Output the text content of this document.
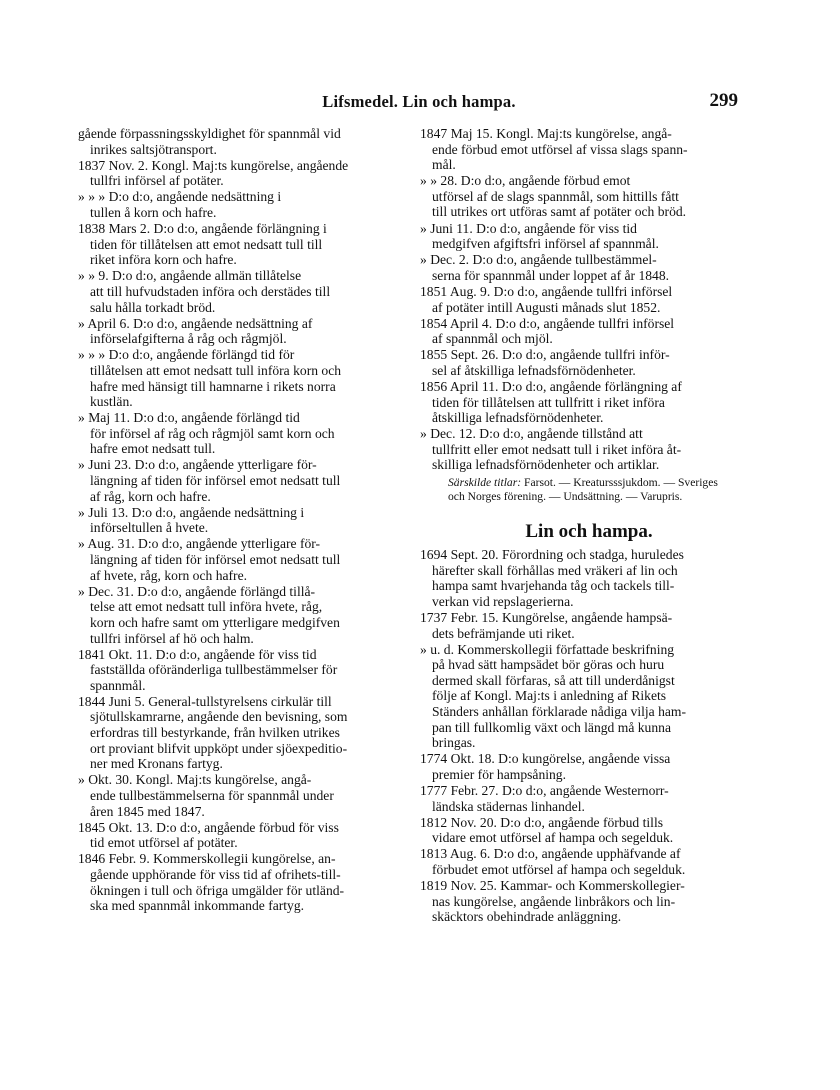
Lifsmedel. Lin och hampa.	299
gående förpassningsskyldighet för spannmål vid
inrikes saltsjötransport.
1837 Nov. 2. Kongl. Maj:ts kungörelse, angående
tullfri införsel af potäter.
» » » D:o d:o, angående nedsättning i
tullen å korn och hafre.
1838 Mars 2. D:o d:o, angående förlängning i
tiden för tillåtelsen att emot nedsatt tull till
riket införa korn och hafre.
» » 9. D:o d:o, angående allmän tillåtelse
att till hufvudstaden införa och derstädes till
salu hålla torkadt bröd.
» April 6. D:o d:o, angående nedsättning af
införselafgifterna å råg och rågmjöl.
» » » D:o d:o, angående förlängd tid för
tillåtelsen att emot nedsatt tull införa korn och
hafre med hänsigt till hamnarne i rikets norra
kustlän.
» Maj 11. D:o d:o, angående förlängd tid
för införsel af råg och rågmjöl samt korn och
hafre emot nedsatt tull.
» Juni 23. D:o d:o, angående ytterligare för-
längning af tiden för införsel emot nedsatt tull
af råg, korn och hafre.
» Juli 13. D:o d:o, angående nedsättning i
införseltullen å hvete.
» Aug. 31. D:o d:o, angående ytterligare för-
längning af tiden för införsel emot nedsatt tull
af hvete, råg, korn och hafre.
» Dec. 31. D:o d:o, angående förlängd tillå-
telse att emot nedsatt tull införa hvete, råg,
korn och hafre samt om ytterligare medgifven
tullfri införsel af hö och halm.
1841 Okt. 11. D:o d:o, angående för viss tid
fastställda oföränderliga tullbestämmelser för
spannmål.
1844 Juni 5. General-tullstyrelsens cirkulär till
sjötullskamrarne, angående den bevisning, som
erfordras till bestyrkande, från hvilken utrikes
ort proviant blifvit uppköpt under sjöexpeditio-
ner med Kronans fartyg.
» Okt. 30. Kongl. Maj:ts kungörelse, angå-
ende tullbestämmelserna för spannmål under
åren 1845 med 1847.
1845 Okt. 13. D:o d:o, angående förbud för viss
tid emot utförsel af potäter.
1846 Febr. 9. Kommerskollegii kungörelse, an-
gående upphörande för viss tid af ofrihets-till-
ökningen i tull och öfriga umgälder för utländ-
ska med spannmål inkommande fartyg.
1847 Maj 15. Kongl. Maj:ts kungörelse, angå-
ende förbud emot utförsel af vissa slags spann-
mål.
» » 28. D:o d:o, angående förbud emot
utförsel af de slags spannmål, som hittills fått
till utrikes ort utföras samt af potäter och bröd.
» Juni 11. D:o d:o, angående för viss tid
medgifven afgiftsfri införsel af spannmål.
» Dec. 2. D:o d:o, angående tullbestämmel-
serna för spannmål under loppet af år 1848.
1851 Aug. 9. D:o d:o, angående tullfri införsel
af potäter intill Augusti månads slut 1852.
1854 April 4. D:o d:o, angående tullfri införsel
af spannmål och mjöl.
1855 Sept. 26. D:o d:o, angående tullfri inför-
sel af åtskilliga lefnadsförnödenheter.
1856 April 11. D:o d:o, angående förlängning af
tiden för tillåtelsen att tullfritt i riket införa
åtskilliga lefnadsförnödenheter.
» Dec. 12. D:o d:o, angående tillstånd att
tullfritt eller emot nedsatt tull i riket införa åt-
skilliga lefnadsförnödenheter och artiklar.
Särskilde titlar: Farsot. — Kreatursssjukdom. — Sveriges
och Norges förening. — Undsättning. — Varupris.
Lin och hampa.
1694 Sept. 20. Förordning och stadga, huruledes
härefter skall förhållas med vräkeri af lin och
hampa samt hvarjehanda tåg och tackels till-
verkan vid repslagerierna.
1737 Febr. 15. Kungörelse, angående hampsä-
dets befrämjande uti riket.
» u. d. Kommerskollegii författade beskrifning
på hvad sätt hampsädet bör göras och huru
dermed skall förfaras, så att till underdånigst
följe af Kongl. Maj:ts i anledning af Rikets
Ständers anhållan förklarade nådiga vilja ham-
pan till fullkomlig växt och längd må kunna
bringas.
1774 Okt. 18. D:o kungörelse, angående vissa
premier för hampsåning.
1777 Febr. 27. D:o d:o, angående Westernorr-
ländska städernas linhandel.
1812 Nov. 20. D:o d:o, angående förbud tills
vidare emot utförsel af hampa och segelduk.
1813 Aug. 6. D:o d:o, angående upphäfvande af
förbudet emot utförsel af hampa och segelduk.
1819 Nov. 25. Kammar- och Kommerskollegier-
nas kungörelse, angående linbråkors och lin-
skäcktors obehindrade anläggning.
